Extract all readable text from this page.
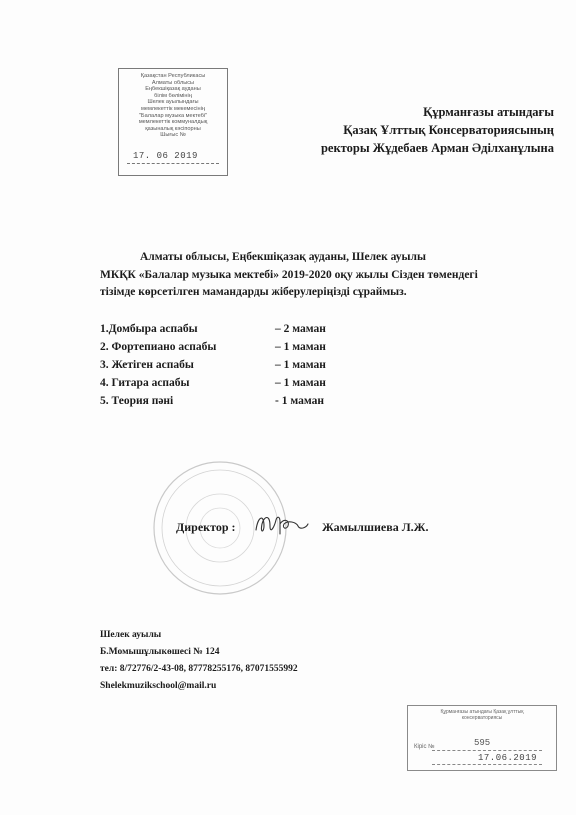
Қазақстан Республикасы
Алматы облысы
Еңбекшіқазақ ауданы
білім бөлімінің
Шелек ауылындағы
мемлекеттік мекемесінің
"Балалар музыка мектебі"
мемлекеттік коммуналдық
қазыналық кәсіпорны
Шығыс №
17. 06 2019
Құрманғазы атындағы
Қазақ Ұлттық Консерваториясының
ректоры Жұдебаев Арман Әділханұлына
Алматы облысы, Еңбекшіқазақ ауданы, Шелек ауылы
МКҚК «Балалар музыка мектебі» 2019-2020 оқу жылы Сізден төмендегі
тізімде көрсетілген мамандарды жіберулеріңізді сұраймыз.
1.Домбыра аспабы	– 2 маман
2. Фортепиано аспабы	– 1 маман
3. Жетіген аспабы	– 1 маман
4. Гитара аспабы	– 1 маман
5. Теория пәні	- 1 маман
Директор :	Жамылшиева Л.Ж.
Шелек ауылы
Б.Момышұлыкөшесі № 124
тел: 8/72776/2-43-08, 87778255176, 87071555992
Shelekmuzikschool@mail.ru
Құрманғазы атындағы Қазақ ұлттық
консерваториясы
Кіріс №	595
17.06.2019
